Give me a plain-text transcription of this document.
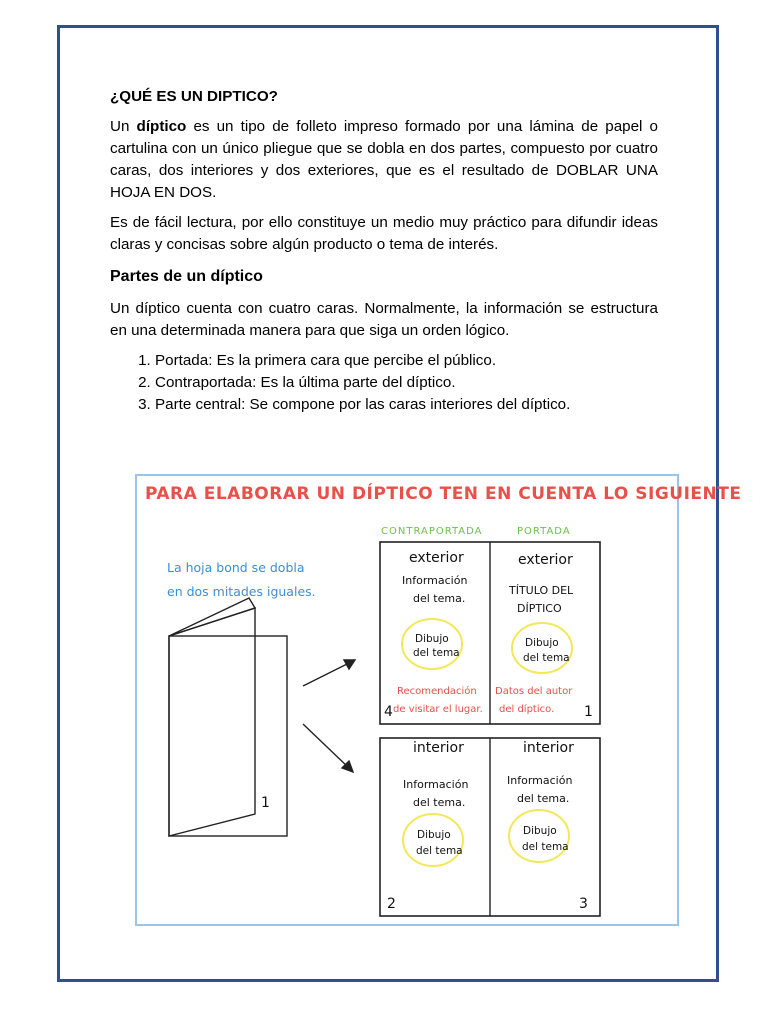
¿QUÉ ES UN DIPTICO?

Un díptico es un tipo de folleto impreso formado por una lámina de papel o cartulina con un único pliegue que se dobla en dos partes, compuesto por cuatro caras, dos interiores y dos exteriores, que es el resultado de DOBLAR UNA HOJA EN DOS.

Es de fácil lectura, por ello constituye un medio muy práctico para difundir ideas claras y concisas sobre algún producto o tema de interés.

Partes de un díptico

Un díptico cuenta con cuatro caras. Normalmente, la información se estructura en una determinada manera para que siga un orden lógico.

1. Portada: Es la primera cara que percibe el público.
2. Contraportada: Es la última parte del díptico.
3. Parte central: Se compone por las caras interiores del díptico.
PARA ELABORAR UN DÍPTICO TEN EN CUENTA LO SIGUIENTE
La hoja bond se dobla
en dos mitades iguales.
1
CONTRAPORTADA	PORTADA
exterior	exterior
Información
del tema.
TÍTULO DEL
DÍPTICO
Dibujo
del tema
Dibujo
del tema
Recomendación
de visitar el lugar.
Datos del autor
del díptico.
4	1
interior	interior
Información
del tema.
Información
del tema.
Dibujo
del tema
Dibujo
del tema
2	3
